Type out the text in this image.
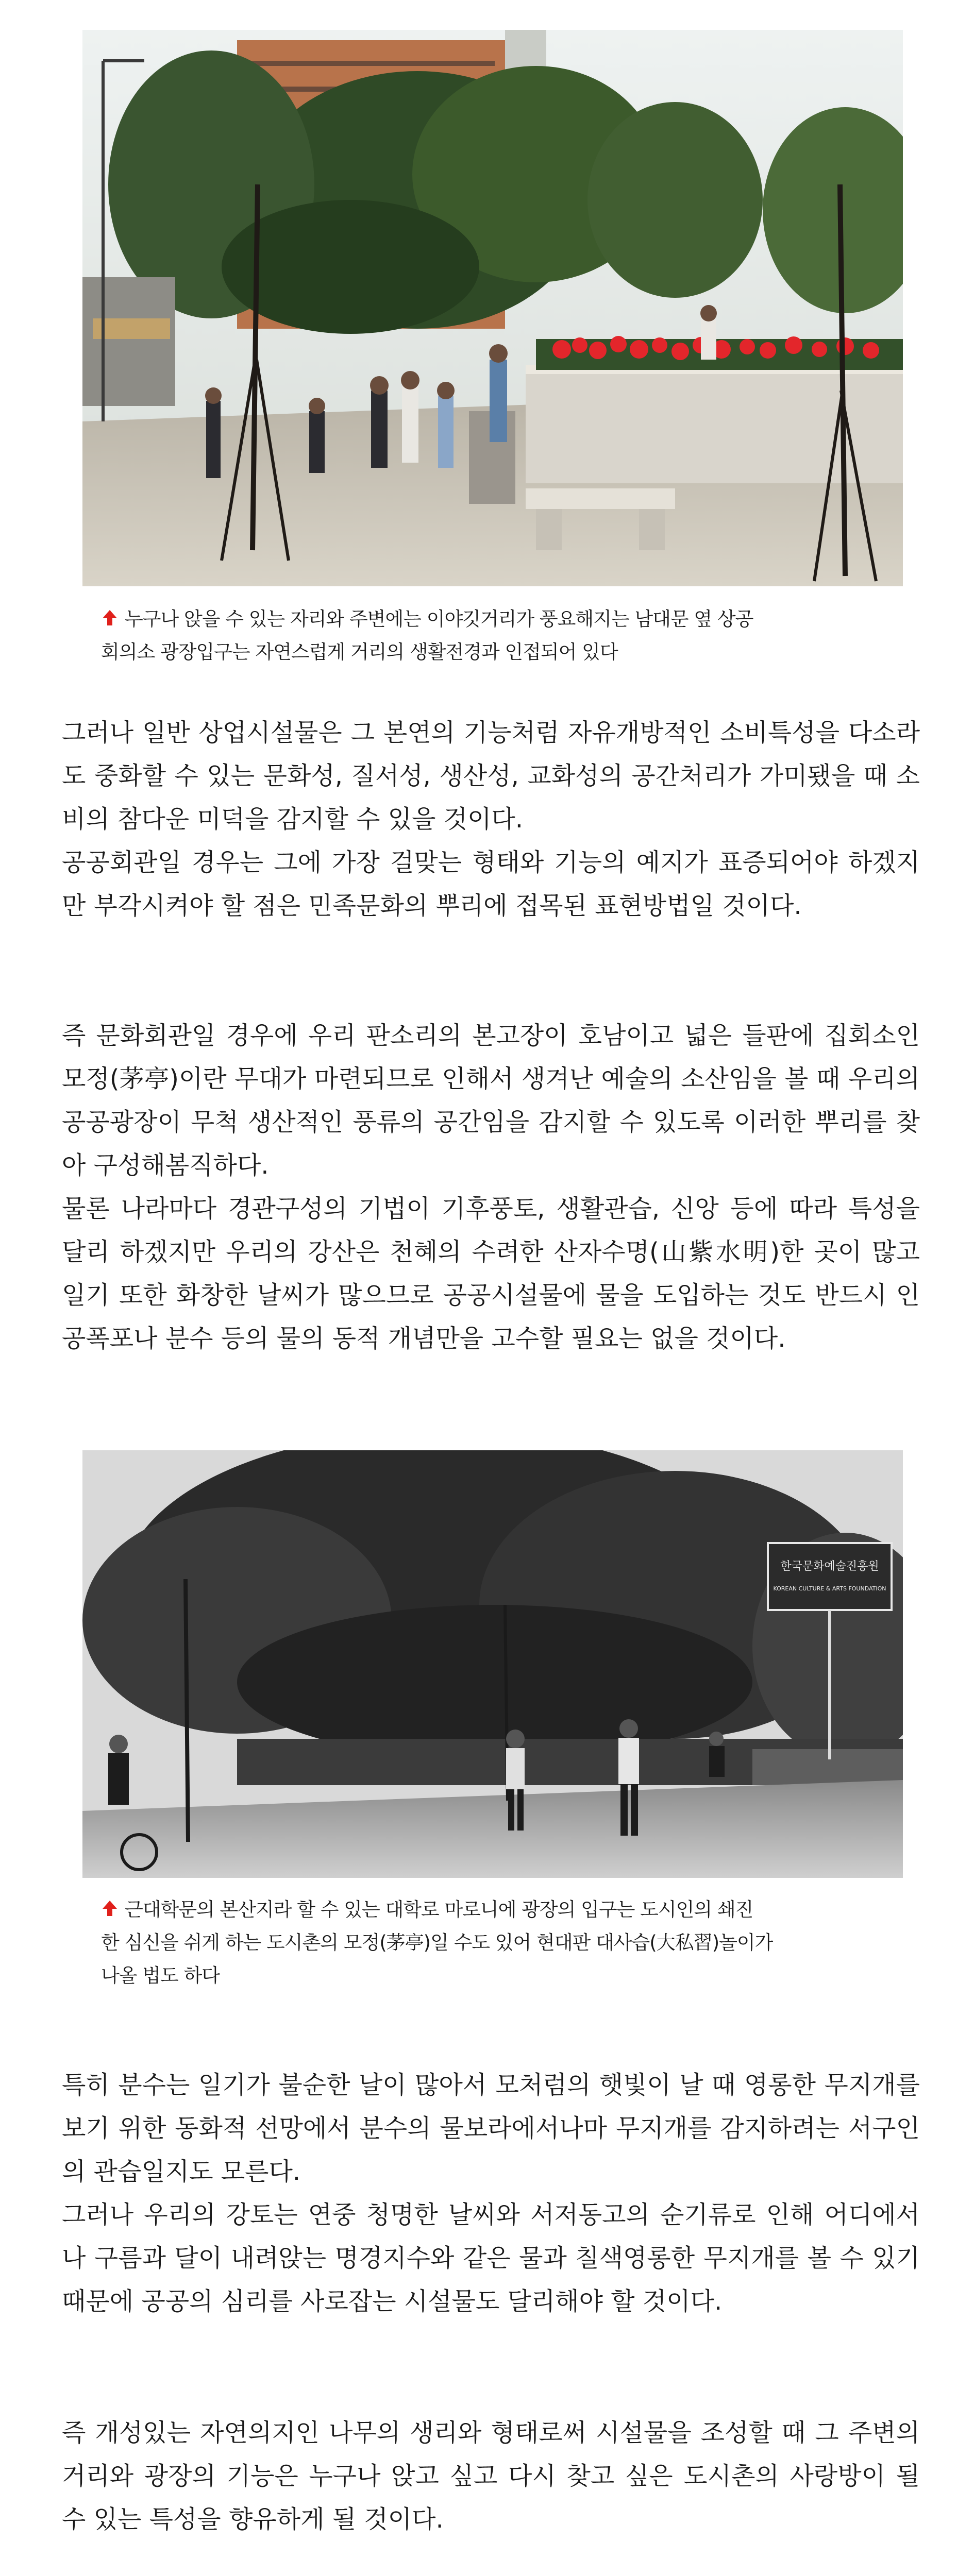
누구나 앉을 수 있는 자리와 주변에는 이야깃거리가 풍요해지는 남대문 옆 상공

회의소 광장입구는 자연스럽게 거리의 생활전경과 인접되어 있다

그러나 일반 상업시설물은 그 본연의 기능처럼 자유개방적인 소비특성을 다소라도 중화할 수 있는 문화성, 질서성, 생산성, 교화성의 공간처리가 가미됐을 때 소비의 참다운 미덕을 감지할 수 있을 것이다.

공공회관일 경우는 그에 가장 걸맞는 형태와 기능의 예지가 표증되어야 하겠지만 부각시켜야 할 점은 민족문화의 뿌리에 접목된 표현방법일 것이다.

즉 문화회관일 경우에 우리 판소리의 본고장이 호남이고 넓은 들판에 집회소인 모정(茅亭)이란 무대가 마련되므로 인해서 생겨난 예술의 소산임을 볼 때 우리의 공공광장이 무척 생산적인 풍류의 공간임을 감지할 수 있도록 이러한 뿌리를 찾아 구성해봄직하다.

물론 나라마다 경관구성의 기법이 기후풍토, 생활관습, 신앙 등에 따라 특성을 달리 하겠지만 우리의 강산은 천혜의 수려한 산자수명(山紫水明)한 곳이 많고 일기 또한 화창한 날씨가 많으므로 공공시설물에 물을 도입하는 것도 반드시 인공폭포나 분수 등의 물의 동적 개념만을 고수할 필요는 없을 것이다.

한국문화예술진흥원
KOREAN CULTURE & ARTS FOUNDATION

근대학문의 본산지라 할 수 있는 대학로 마로니에 광장의 입구는 도시인의 쇄진

한 심신을 쉬게 하는 도시촌의 모정(茅亭)일 수도 있어 현대판 대사습(大私習)놀이가

나올 법도 하다

특히 분수는 일기가 불순한 날이 많아서 모처럼의 햇빛이 날 때 영롱한 무지개를 보기 위한 동화적 선망에서 분수의 물보라에서나마 무지개를 감지하려는 서구인의 관습일지도 모른다.

그러나 우리의 강토는 연중 청명한 날씨와 서저동고의 순기류로 인해 어디에서나 구름과 달이 내려앉는 명경지수와 같은 물과 칠색영롱한 무지개를 볼 수 있기 때문에 공공의 심리를 사로잡는 시설물도 달리해야 할 것이다.

즉 개성있는 자연의지인 나무의 생리와 형태로써 시설물을 조성할 때 그 주변의 거리와 광장의 기능은 누구나 앉고 싶고 다시 찾고 싶은 도시촌의 사랑방이 될 수 있는 특성을 향유하게 될 것이다.
